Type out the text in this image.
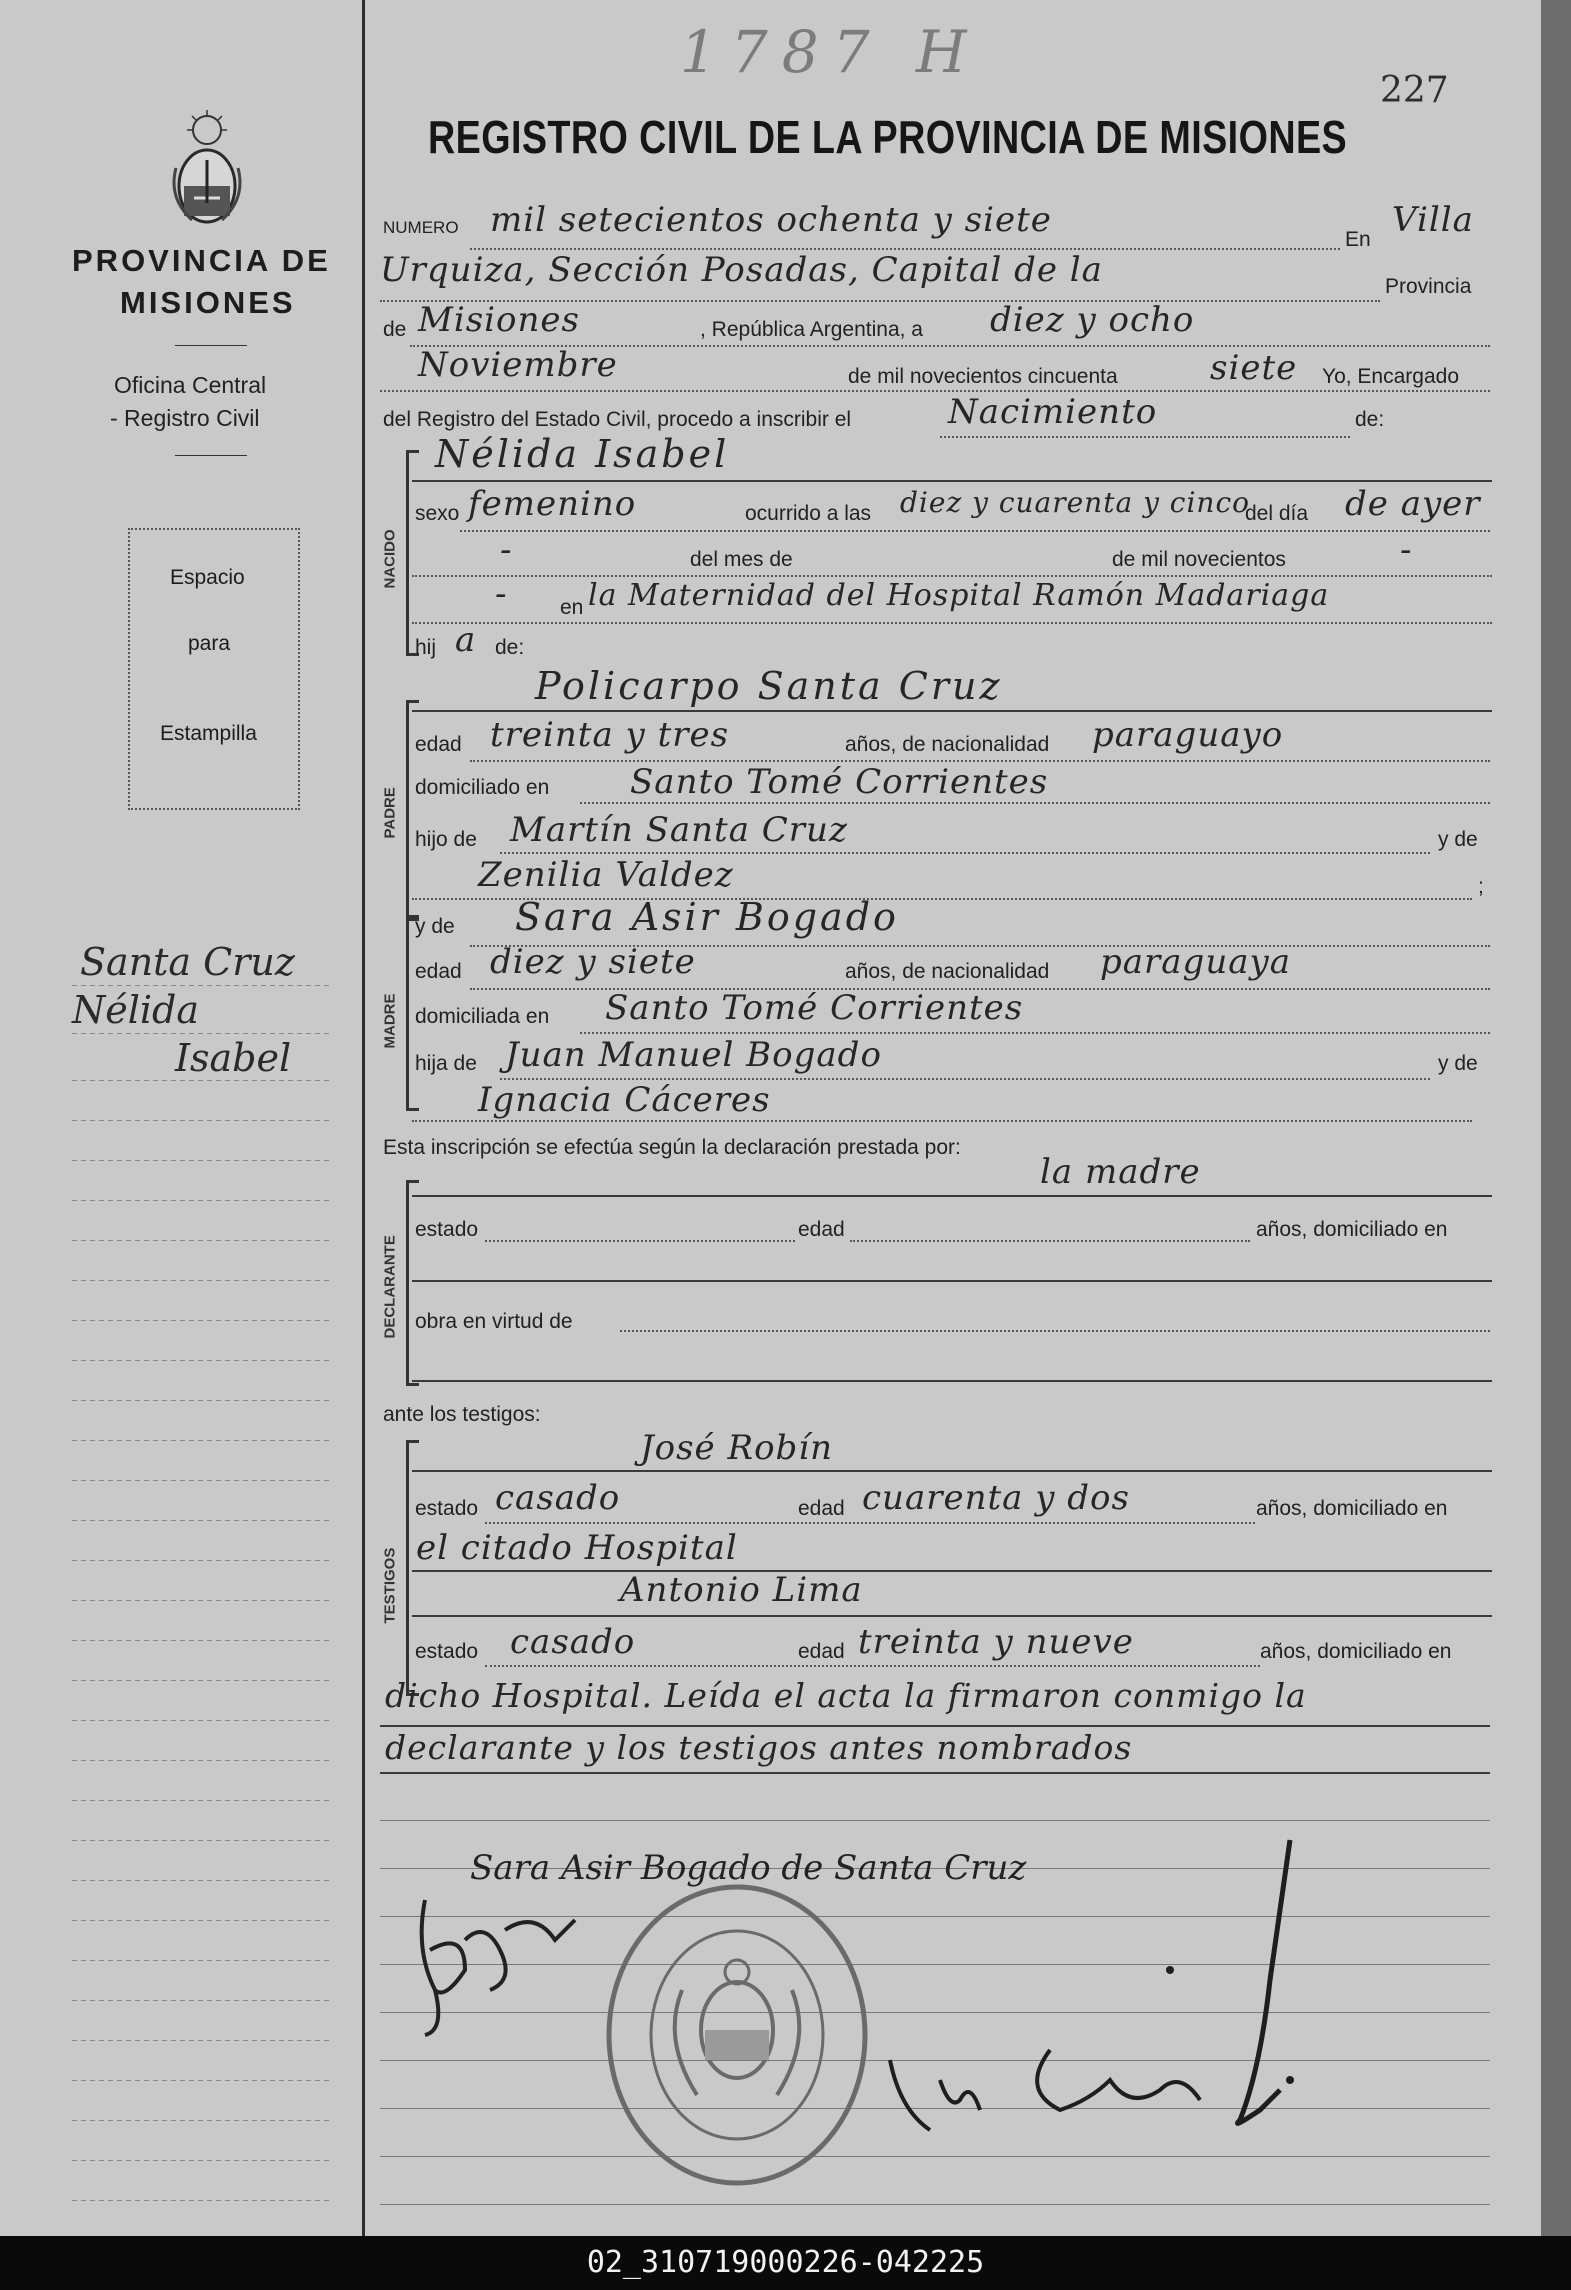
1787 H
227
REGISTRO CIVIL DE LA PROVINCIA DE MISIONES
PROVINCIA DE
MISIONES
Oficina Central
- Registro Civil
Espacio
para
Estampilla
Santa Cruz
Nélida
Isabel
NUMERO mil setecientos ochenta y siete	En Villa
Urquiza, Sección Posadas, Capital de la	Provincia
de Misiones	, República Argentina, a diez y ocho
Noviembre	de mil novecientos cincuenta	siete Yo, Encargado
del Registro del Estado Civil, procedo a inscribir el	Nacimiento	de:
NACIDO
Nélida Isabel
sexo femenino	ocurrido a las diez y cuarenta y cinco
del día de ayer
-	del mes de	de mil novecientos	-
-	en la Maternidad del Hospital Ramón Madariaga
hij a de:
PADRE
Policarpo Santa Cruz
edad treinta y tres	años, de nacionalidad paraguayo
domiciliado en Santo Tomé Corrientes
hijo de Martín Santa Cruz	y de
Zenilia Valdez	;
MADRE
y de Sara Asir Bogado
edad diez y siete	años, de nacionalidad paraguaya
domiciliada en Santo Tomé Corrientes
hija de Juan Manuel Bogado	y de
Ignacia Cáceres
Esta inscripción se efectúa según la declaración prestada por:
la madre
DECLARANTE
estado	edad	años, domiciliado en
obra en virtud de
ante los testigos:
TESTIGOS
José Robín
estado casado	edad cuarenta y dos	años, domiciliado en
el citado Hospital
Antonio Lima
estado casado	edad treinta y nueve	años, domiciliado en
dicho Hospital. Leída el acta la firmaron conmigo la
declarante y los testigos antes nombrados
Sara Asir Bogado de Santa Cruz
02_310719000226-042225
